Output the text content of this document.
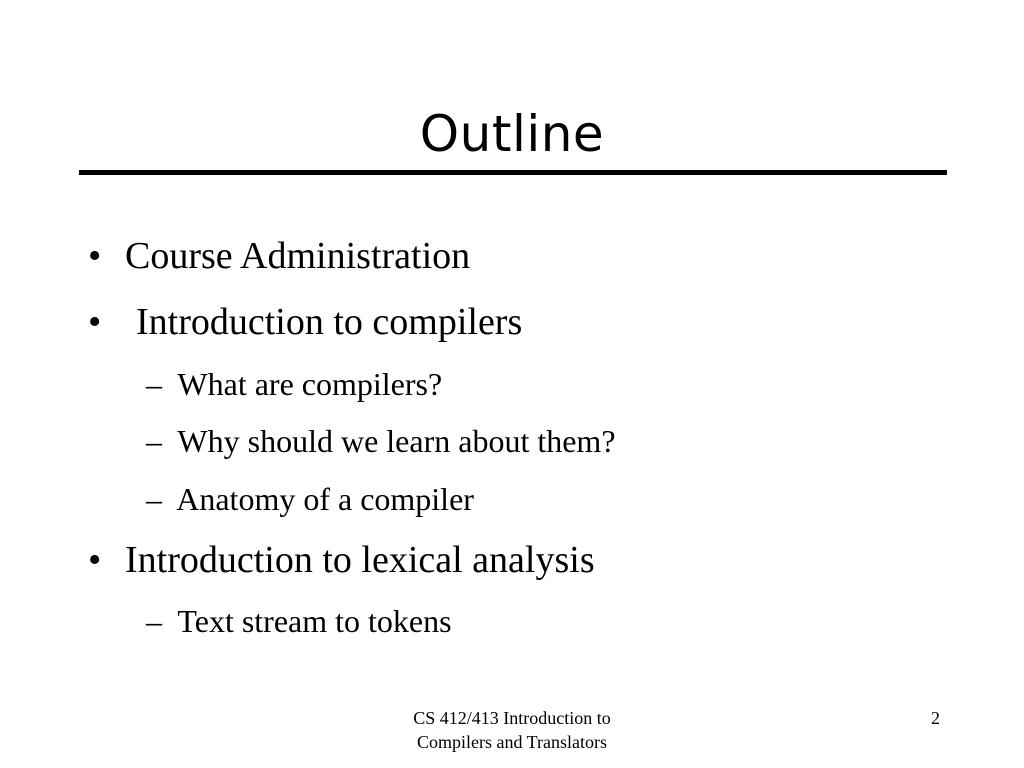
Outline
• Course Administration
• Introduction to compilers
–  What are compilers?
–  Why should we learn about them?
–  Anatomy of a compiler
• Introduction to lexical analysis
–  Text stream to tokens
CS 412/413 Introduction to
Compilers and Translators
2
